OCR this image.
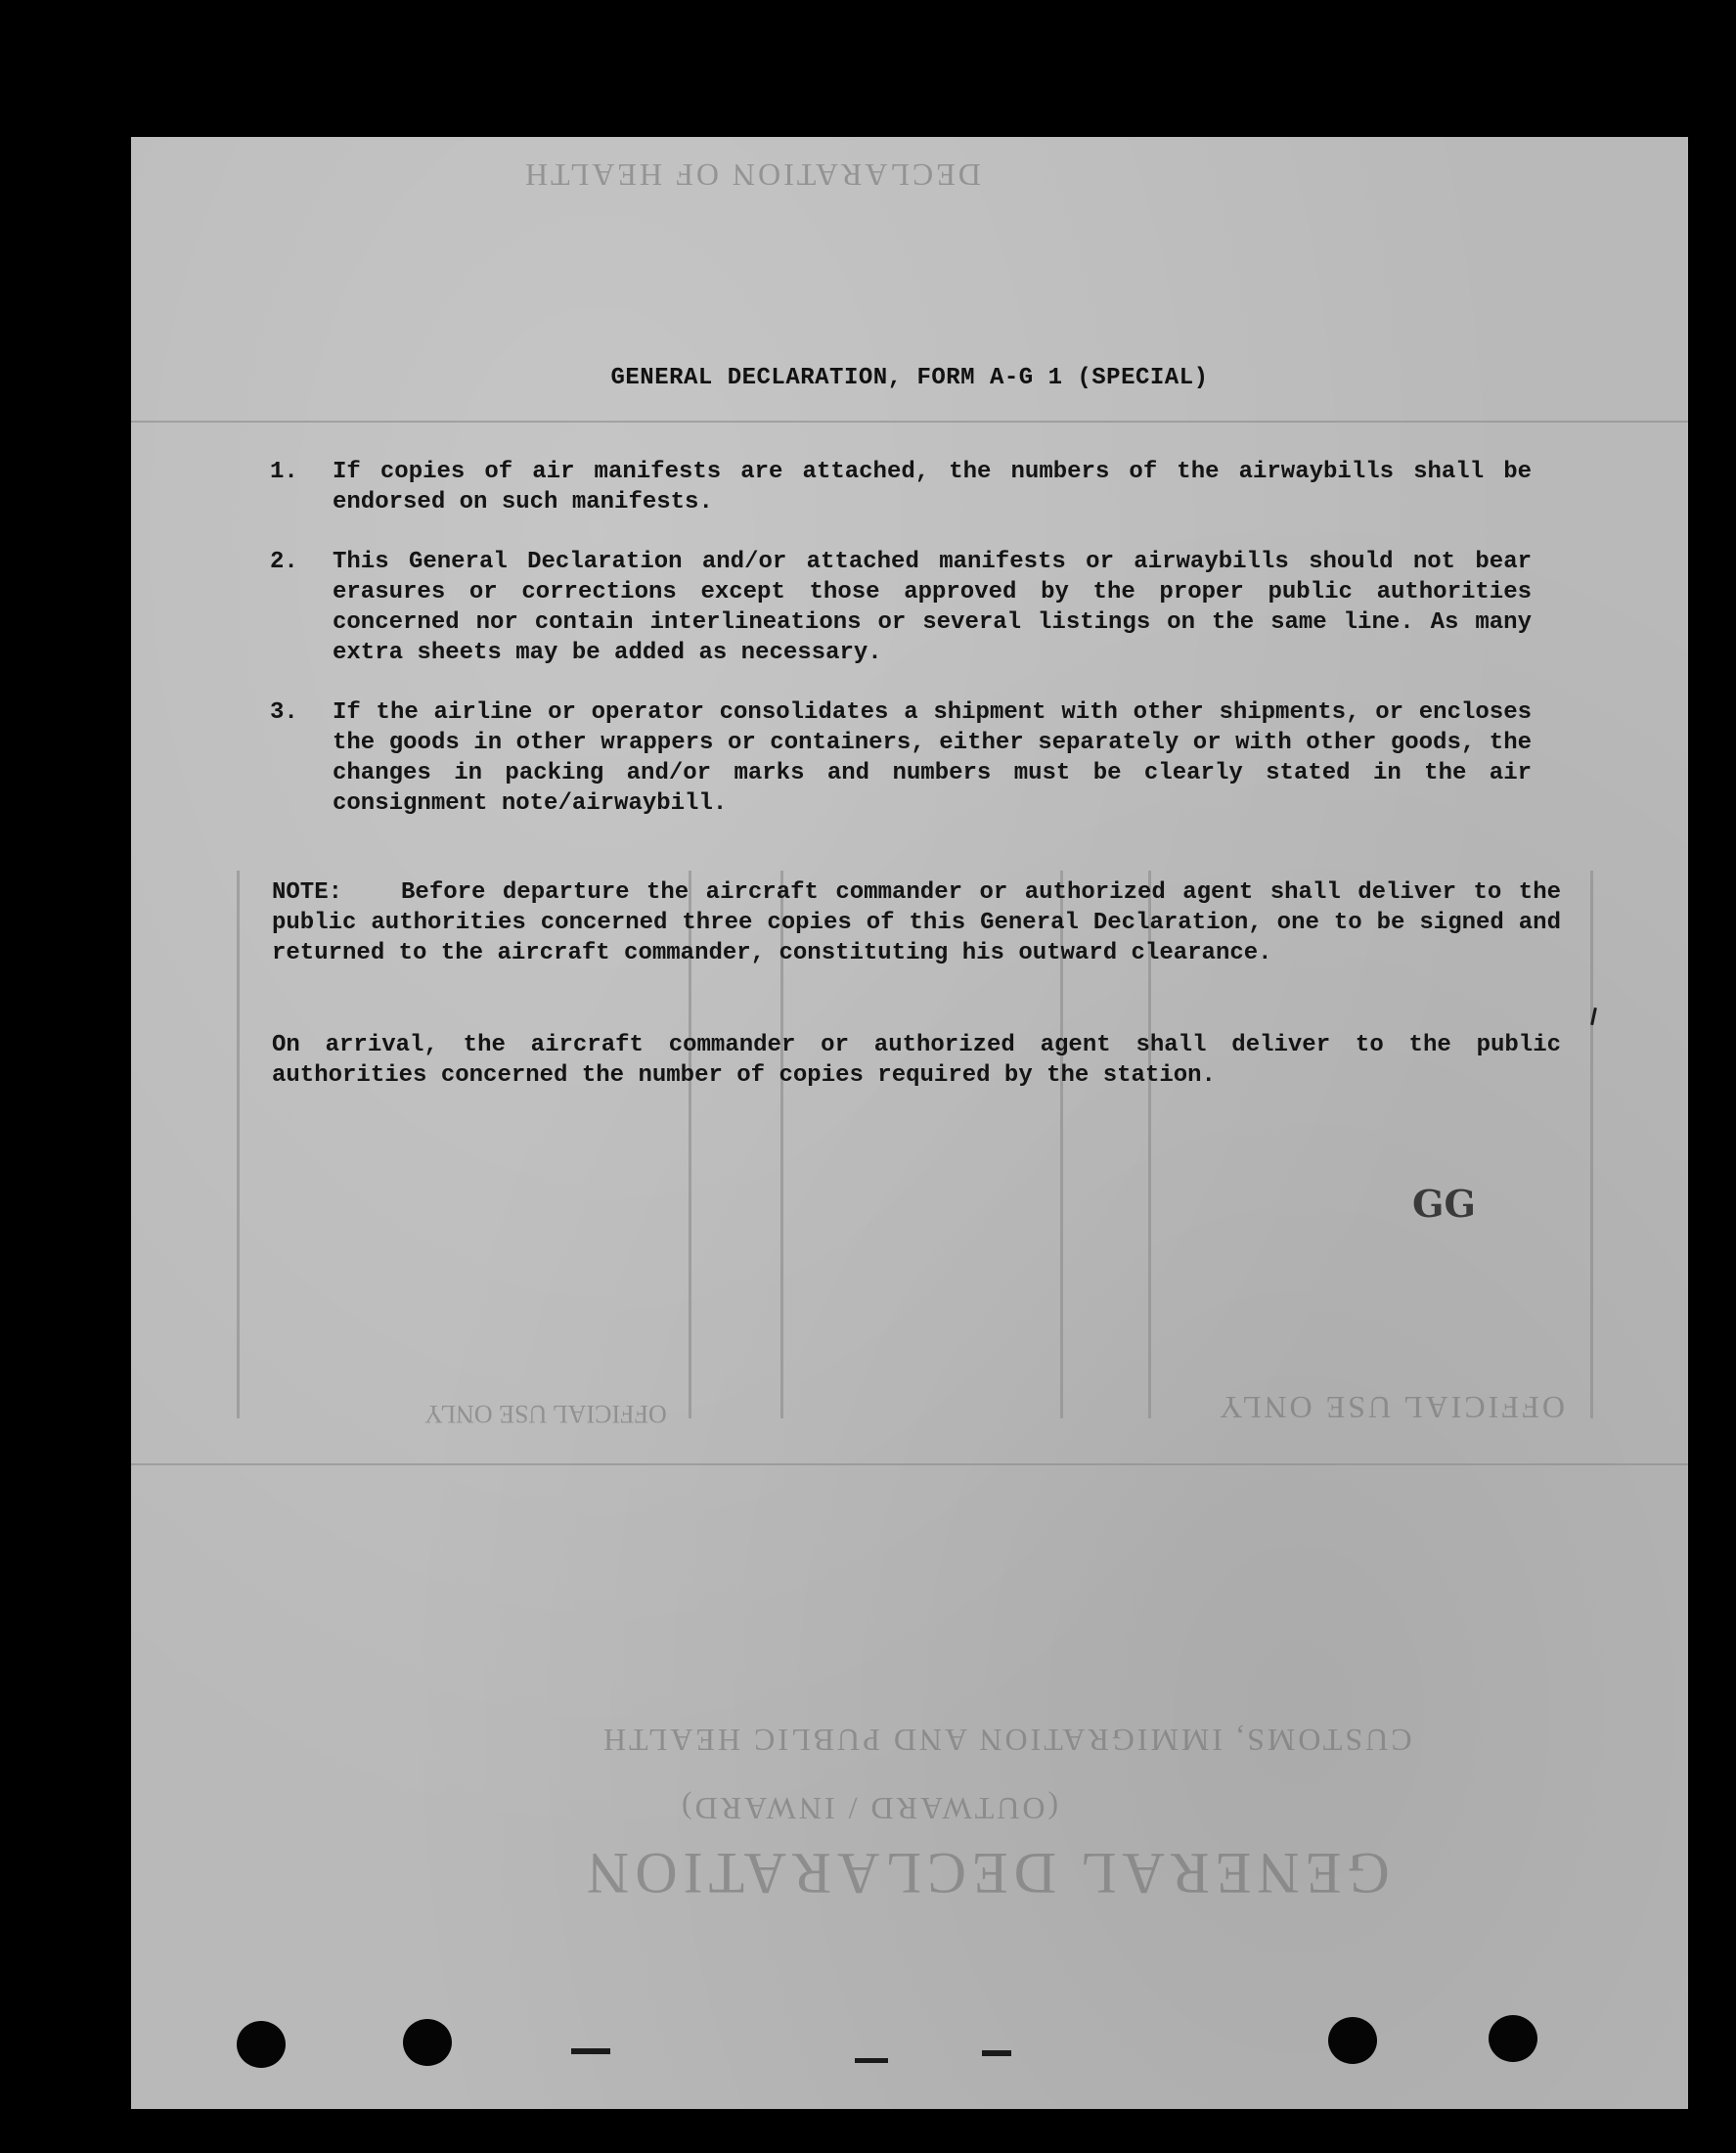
GENERAL DECLARATION
(OUTWARD / INWARD)
CUSTOMS, IMMIGRATION AND PUBLIC HEALTH
OFFICIAL USE ONLY
OFFICIAL USE ONLY
DECLARATION OF HEALTH
GENERAL DECLARATION, FORM A-G 1 (SPECIAL)
1. If copies of air manifests are attached, the numbers of the airwaybills shall be endorsed on such manifests.
2. This General Declaration and/or attached manifests or airwaybills should not bear erasures or corrections except those approved by the proper public authorities concerned nor contain interlineations or several listings on the same line. As many extra sheets may be added as necessary.
3. If the airline or operator consolidates a shipment with other shipments, or encloses the goods in other wrappers or containers, either separately or with other goods, the changes in packing and/or marks and numbers must be clearly stated in the air consignment note/airwaybill.
NOTE:	Before departure the aircraft commander or authorized agent shall deliver to the public authorities concerned three copies of this General Declaration, one to be signed and returned to the aircraft commander, constituting his outward clearance.
On arrival, the aircraft commander or authorized agent shall deliver to the public authorities concerned the number of copies required by the station.
GG
